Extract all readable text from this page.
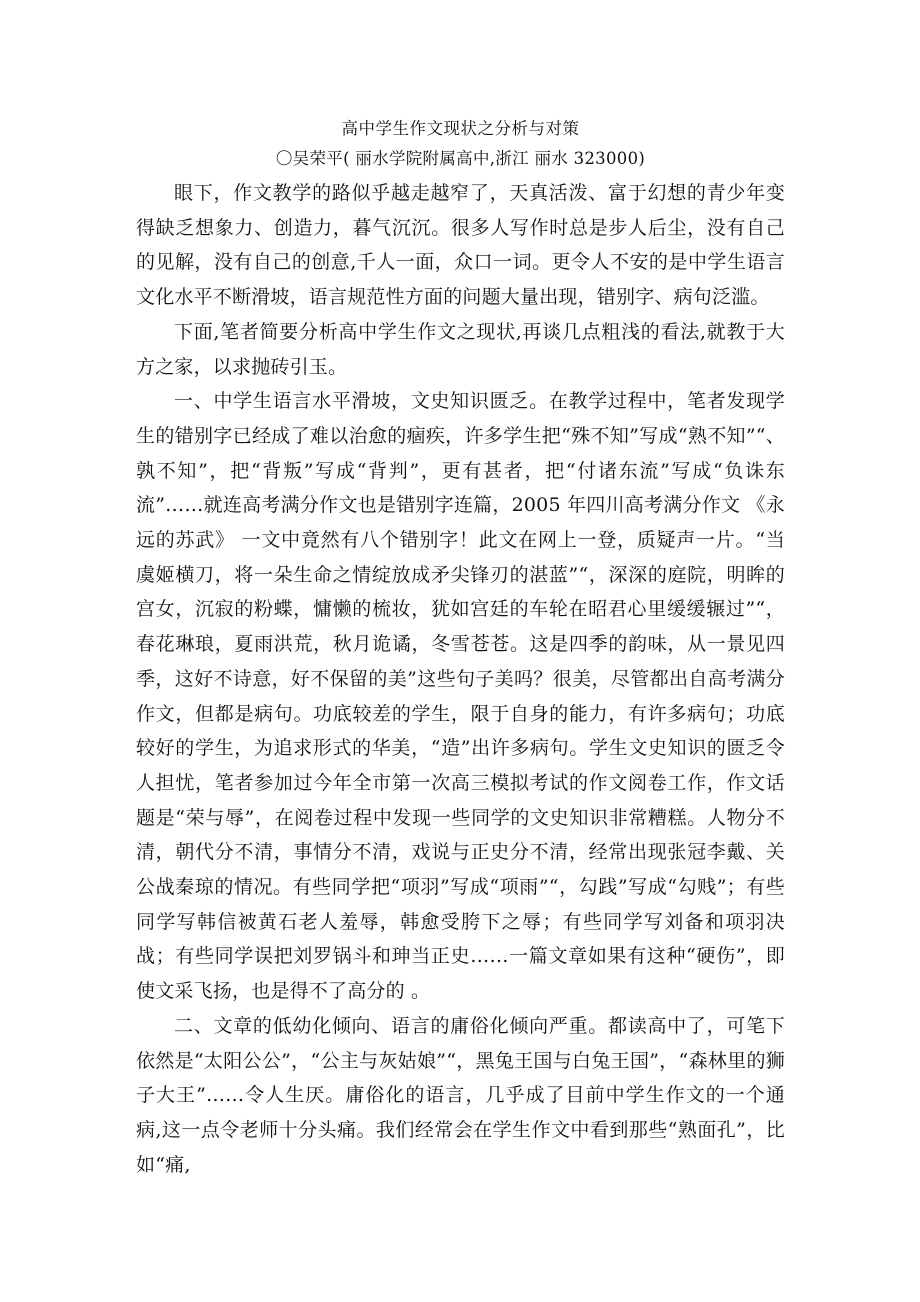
高中学生作文现状之分析与对策
〇吴荣平( 丽水学院附属高中,浙江 丽水 323000)

眼下，作文教学的路似乎越走越窄了，天真活泼、富于幻想的青少年变得缺乏想象力、创造力，暮气沉沉。很多人写作时总是步人后尘，没有自己的见解，没有自己的创意,千人一面，众口一词。更令人不安的是中学生语言文化水平不断滑坡，语言规范性方面的问题大量出现，错别字、病句泛滥。

下面,笔者简要分析高中学生作文之现状,再谈几点粗浅的看法,就教于大方之家，以求抛砖引玉。

一、中学生语言水平滑坡，文史知识匮乏。在教学过程中，笔者发现学生的错别字已经成了难以治愈的痼疾，许多学生把“殊不知”写成“熟不知”“、孰不知”，把“背叛”写成“背判”，更有甚者，把“付诸东流”写成“负诛东流”……就连高考满分作文也是错别字连篇，2005 年四川高考满分作文 《永远的苏武》 一文中竟然有八个错别字！此文在网上一登，质疑声一片。“当虞姬横刀，将一朵生命之情绽放成矛尖锋刃的湛蓝”“，深深的庭院，明眸的宫女，沉寂的粉蝶，慵懒的梳妆，犹如宫廷的车轮在昭君心里缓缓辗过”“，春花琳琅，夏雨洪荒，秋月诡谲，冬雪苍苍。这是四季的韵味，从一景见四季，这好不诗意，好不保留的美”这些句子美吗？很美，尽管都出自高考满分作文，但都是病句。功底较差的学生，限于自身的能力，有许多病句；功底较好的学生，为追求形式的华美，“造”出许多病句。学生文史知识的匮乏令人担忧，笔者参加过今年全市第一次高三模拟考试的作文阅卷工作，作文话题是“荣与辱”，在阅卷过程中发现一些同学的文史知识非常糟糕。人物分不清，朝代分不清，事情分不清，戏说与正史分不清，经常出现张冠李戴、关公战秦琼的情况。有些同学把“项羽”写成“项雨”“，勾践”写成“勾贱”；有些同学写韩信被黄石老人羞辱，韩愈受胯下之辱；有些同学写刘备和项羽决战；有些同学误把刘罗锅斗和珅当正史……一篇文章如果有这种“硬伤”，即使文采飞扬，也是得不了高分的 。

二、文章的低幼化倾向、语言的庸俗化倾向严重。都读高中了，可笔下依然是“太阳公公”，“公主与灰姑娘”“，黑兔王国与白兔王国”，“森林里的狮子大王”……令人生厌。庸俗化的语言，几乎成了目前中学生作文的一个通病,这一点令老师十分头痛。我们经常会在学生作文中看到那些“熟面孔”，比如“痛,
